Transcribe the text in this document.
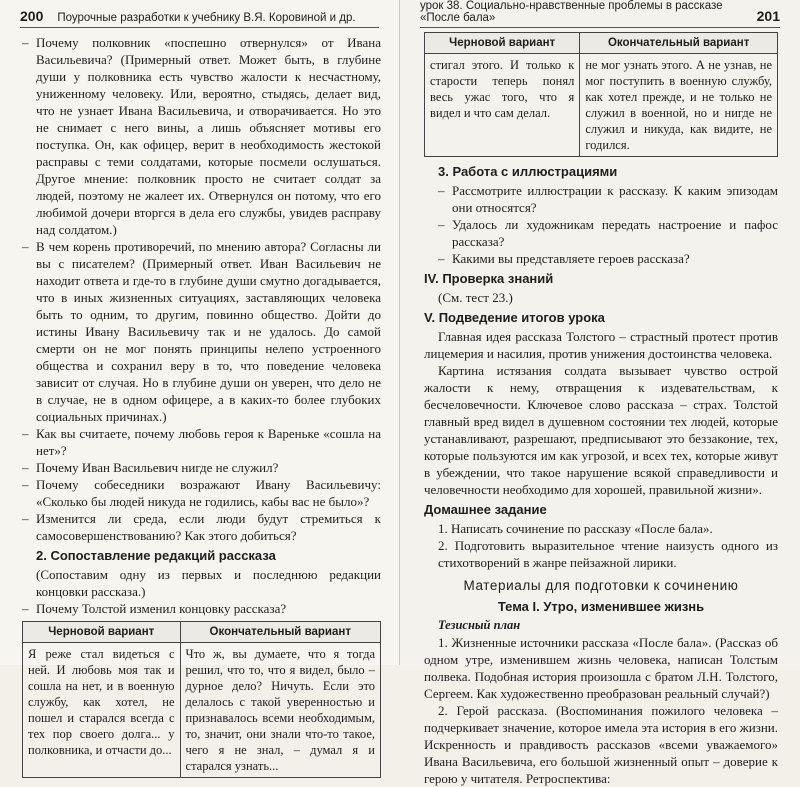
200	Поурочные разработки к учебнику В.Я. Коровиной и др.
– Почему полковник «поспешно отвернулся» от Ивана Васильевича? (Примерный ответ. Может быть, в глубине души у полковника есть чувство жалости к несчастному, униженному человеку. Или, вероятно, стыдясь, делает вид, что не узнает Ивана Васильевича, и отворачивается. Но это не снимает с него вины, а лишь объясняет мотивы его поступка. Он, как офицер, верит в необходимость жестокой расправы с теми солдатами, которые посмели ослушаться. Другое мнение: полковник просто не считает солдат за людей, поэтому не жалеет их. Отвернулся он потому, что его любимой дочери вторгся в дела его службы, увидев расправу над солдатом.)
– В чем корень противоречий, по мнению автора? Согласны ли вы с писателем? (Примерный ответ. Иван Васильевич не находит ответа и где-то в глубине души смутно догадывается, что в иных жизненных ситуациях, заставляющих человека быть то одним, то другим, повинно общество. Дойти до истины Ивану Васильевичу так и не удалось. До самой смерти он не мог понять принципы нелепо устроенного общества и сохранил веру в то, что поведение человека зависит от случая. Но в глубине души он уверен, что дело не в случае, не в одном офицере, а в каких-то более глубоких социальных причинах.)
– Как вы считаете, почему любовь героя к Вареньке «сошла на нет»?
– Почему Иван Васильевич нигде не служил?
– Почему собеседники возражают Ивану Васильевичу: «Сколько бы людей никуда не годились, кабы вас не было»?
– Изменится ли среда, если люди будут стремиться к самосовершенствованию? Как этого добиться?
2. Сопоставление редакций рассказа
(Сопоставим одну из первых и последнюю редакции концовки рассказа.)
– Почему Толстой изменил концовку рассказа?
Черновой вариант	Окончательный вариант
Я реже стал видеться с ней. И любовь моя так и сошла на нет, и в военную службу, как хотел, не пошел и старался всегда с тех пор своего долга... у полковника, и отчасти до...	Что ж, вы думаете, что я тогда решил, что то, что я видел, было – дурное дело? Ничуть. Если это делалось с такой уверенностью и признавалось всеми необходимым, то, значит, они знали что-то такое, чего я не знал, – думал я и старался узнать...
урок 38. Социально-нравственные проблемы в рассказе «После бала»	201
Черновой вариант	Окончательный вариант
стигал этого. И только к старости теперь понял весь ужас того, что я видел и что сам делал.	не мог узнать этого. А не узнав, не мог поступить в военную службу, как хотел прежде, и не только не служил в военной, но и нигде не служил и никуда, как видите, не годился.
3. Работа с иллюстрациями
– Рассмотрите иллюстрации к рассказу. К каким эпизодам они относятся?
– Удалось ли художникам передать настроение и пафос рассказа?
– Какими вы представляете героев рассказа?
IV. Проверка знаний
(См. тест 23.)
V. Подведение итогов урока

Главная идея рассказа Толстого – страстный протест против лицемерия и насилия, против унижения достоинства человека.

Картина истязания солдата вызывает чувство острой жалости к нему, отвращения к издевательствам, к бесчеловечности. Ключевое слово рассказа – страх. Толстой главный вред видел в душевном состоянии тех людей, которые устанавливают, разрешают, предписывают это беззаконие, тех, которые пользуются им как угрозой, и всех тех, которые живут в убеждении, что такое нарушение всякой справедливости и человечности необходимо для хорошей, правильной жизни».

Домашнее задание
1. Написать сочинение по рассказу «После бала».
2. Подготовить выразительное чтение наизусть одного из стихотворений в жанре пейзажной лирики.
Материалы для подготовки к сочинению
Тема I. Утро, изменившее жизнь
Тезисный план

1. Жизненные источники рассказа «После бала». (Рассказ об одном утре, изменившем жизнь человека, написан Толстым полвека. Подобная история произошла с братом Л.Н. Толстого, Сергеем. Как художественно преобразован реальный случай?)

2. Герой рассказа. (Воспоминания пожилого человека – подчеркивает значение, которое имела эта история в его жизни. Искренность и правдивость рассказов «всеми уважаемого» Ивана Васильевича, его большой жизненный опыт – доверие к герою у читателя. Ретроспектива:
